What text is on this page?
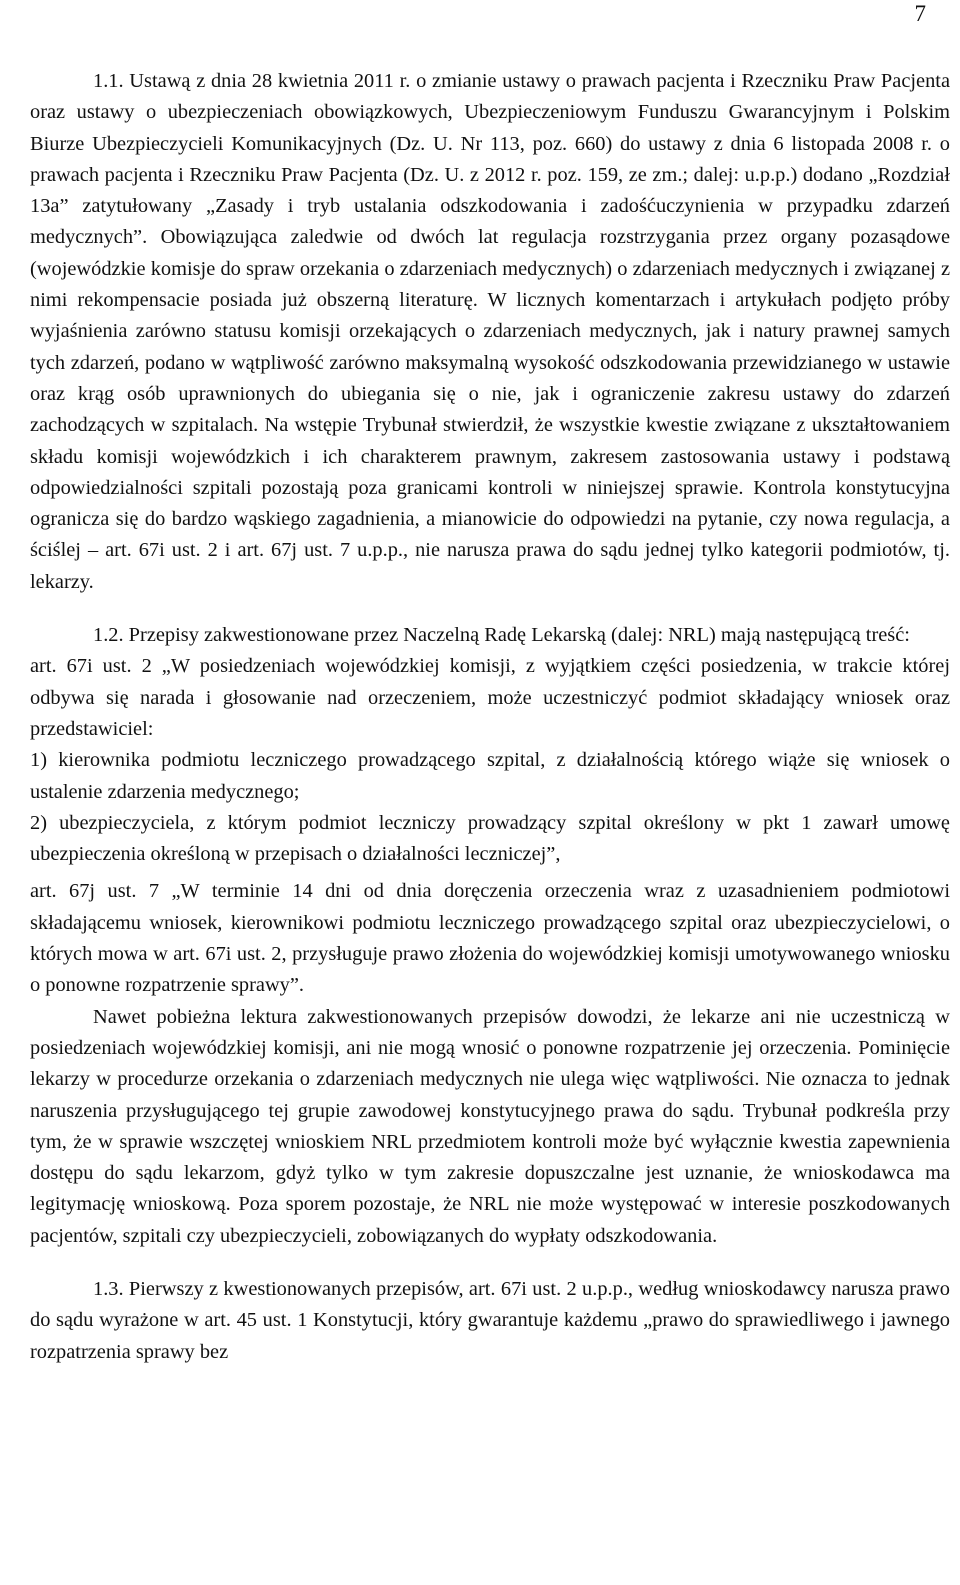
7

1.1. Ustawą z dnia 28 kwietnia 2011 r. o zmianie ustawy o prawach pacjenta i Rzeczniku Praw Pacjenta oraz ustawy o ubezpieczeniach obowiązkowych, Ubezpieczeniowym Funduszu Gwarancyjnym i Polskim Biurze Ubezpieczycieli Komunikacyjnych (Dz. U. Nr 113, poz. 660) do ustawy z dnia 6 listopada 2008 r. o prawach pacjenta i Rzeczniku Praw Pacjenta (Dz. U. z 2012 r. poz. 159, ze zm.; dalej: u.p.p.) dodano „Rozdział 13a” zatytułowany „Zasady i tryb ustalania odszkodowania i zadośćuczynienia w przypadku zdarzeń medycznych”. Obowiązująca zaledwie od dwóch lat regulacja rozstrzygania przez organy pozasądowe (wojewódzkie komisje do spraw orzekania o zdarzeniach medycznych) o zdarzeniach medycznych i związanej z nimi rekompensacie posiada już obszerną literaturę. W licznych komentarzach i artykułach podjęto próby wyjaśnienia zarówno statusu komisji orzekających o zdarzeniach medycznych, jak i natury prawnej samych tych zdarzeń, podano w wątpliwość zarówno maksymalną wysokość odszkodowania przewidzianego w ustawie oraz krąg osób uprawnionych do ubiegania się o nie, jak i ograniczenie zakresu ustawy do zdarzeń zachodzących w szpitalach. Na wstępie Trybunał stwierdził, że wszystkie kwestie związane z ukształtowaniem składu komisji wojewódzkich i ich charakterem prawnym, zakresem zastosowania ustawy i podstawą odpowiedzialności szpitali pozostają poza granicami kontroli w niniejszej sprawie. Kontrola konstytucyjna ogranicza się do bardzo wąskiego zagadnienia, a mianowicie do odpowiedzi na pytanie, czy nowa regulacja, a ściślej – art. 67i ust. 2 i art. 67j ust. 7 u.p.p., nie narusza prawa do sądu jednej tylko kategorii podmiotów, tj. lekarzy.

1.2. Przepisy zakwestionowane przez Naczelną Radę Lekarską (dalej: NRL) mają następującą treść:

art. 67i ust. 2 „W posiedzeniach wojewódzkiej komisji, z wyjątkiem części posiedzenia, w trakcie której odbywa się narada i głosowanie nad orzeczeniem, może uczestniczyć podmiot składający wniosek oraz przedstawiciel:

1) kierownika podmiotu leczniczego prowadzącego szpital, z działalnością którego wiąże się wniosek o ustalenie zdarzenia medycznego;

2) ubezpieczyciela, z którym podmiot leczniczy prowadzący szpital określony w pkt 1 zawarł umowę ubezpieczenia określoną w przepisach o działalności leczniczej”,

art. 67j ust. 7 „W terminie 14 dni od dnia doręczenia orzeczenia wraz z uzasadnieniem podmiotowi składającemu wniosek, kierownikowi podmiotu leczniczego prowadzącego szpital oraz ubezpieczycielowi, o których mowa w art. 67i ust. 2, przysługuje prawo złożenia do wojewódzkiej komisji umotywowanego wniosku o ponowne rozpatrzenie sprawy”.

Nawet pobieżna lektura zakwestionowanych przepisów dowodzi, że lekarze ani nie uczestniczą w posiedzeniach wojewódzkiej komisji, ani nie mogą wnosić o ponowne rozpatrzenie jej orzeczenia. Pominięcie lekarzy w procedurze orzekania o zdarzeniach medycznych nie ulega więc wątpliwości. Nie oznacza to jednak naruszenia przysługującego tej grupie zawodowej konstytucyjnego prawa do sądu. Trybunał podkreśla przy tym, że w sprawie wszczętej wnioskiem NRL przedmiotem kontroli może być wyłącznie kwestia zapewnienia dostępu do sądu lekarzom, gdyż tylko w tym zakresie dopuszczalne jest uznanie, że wnioskodawca ma legitymację wnioskową. Poza sporem pozostaje, że NRL nie może występować w interesie poszkodowanych pacjentów, szpitali czy ubezpieczycieli, zobowiązanych do wypłaty odszkodowania.

1.3. Pierwszy z kwestionowanych przepisów, art. 67i ust. 2 u.p.p., według wnioskodawcy narusza prawo do sądu wyrażone w art. 45 ust. 1 Konstytucji, który gwarantuje każdemu „prawo do sprawiedliwego i jawnego rozpatrzenia sprawy bez
